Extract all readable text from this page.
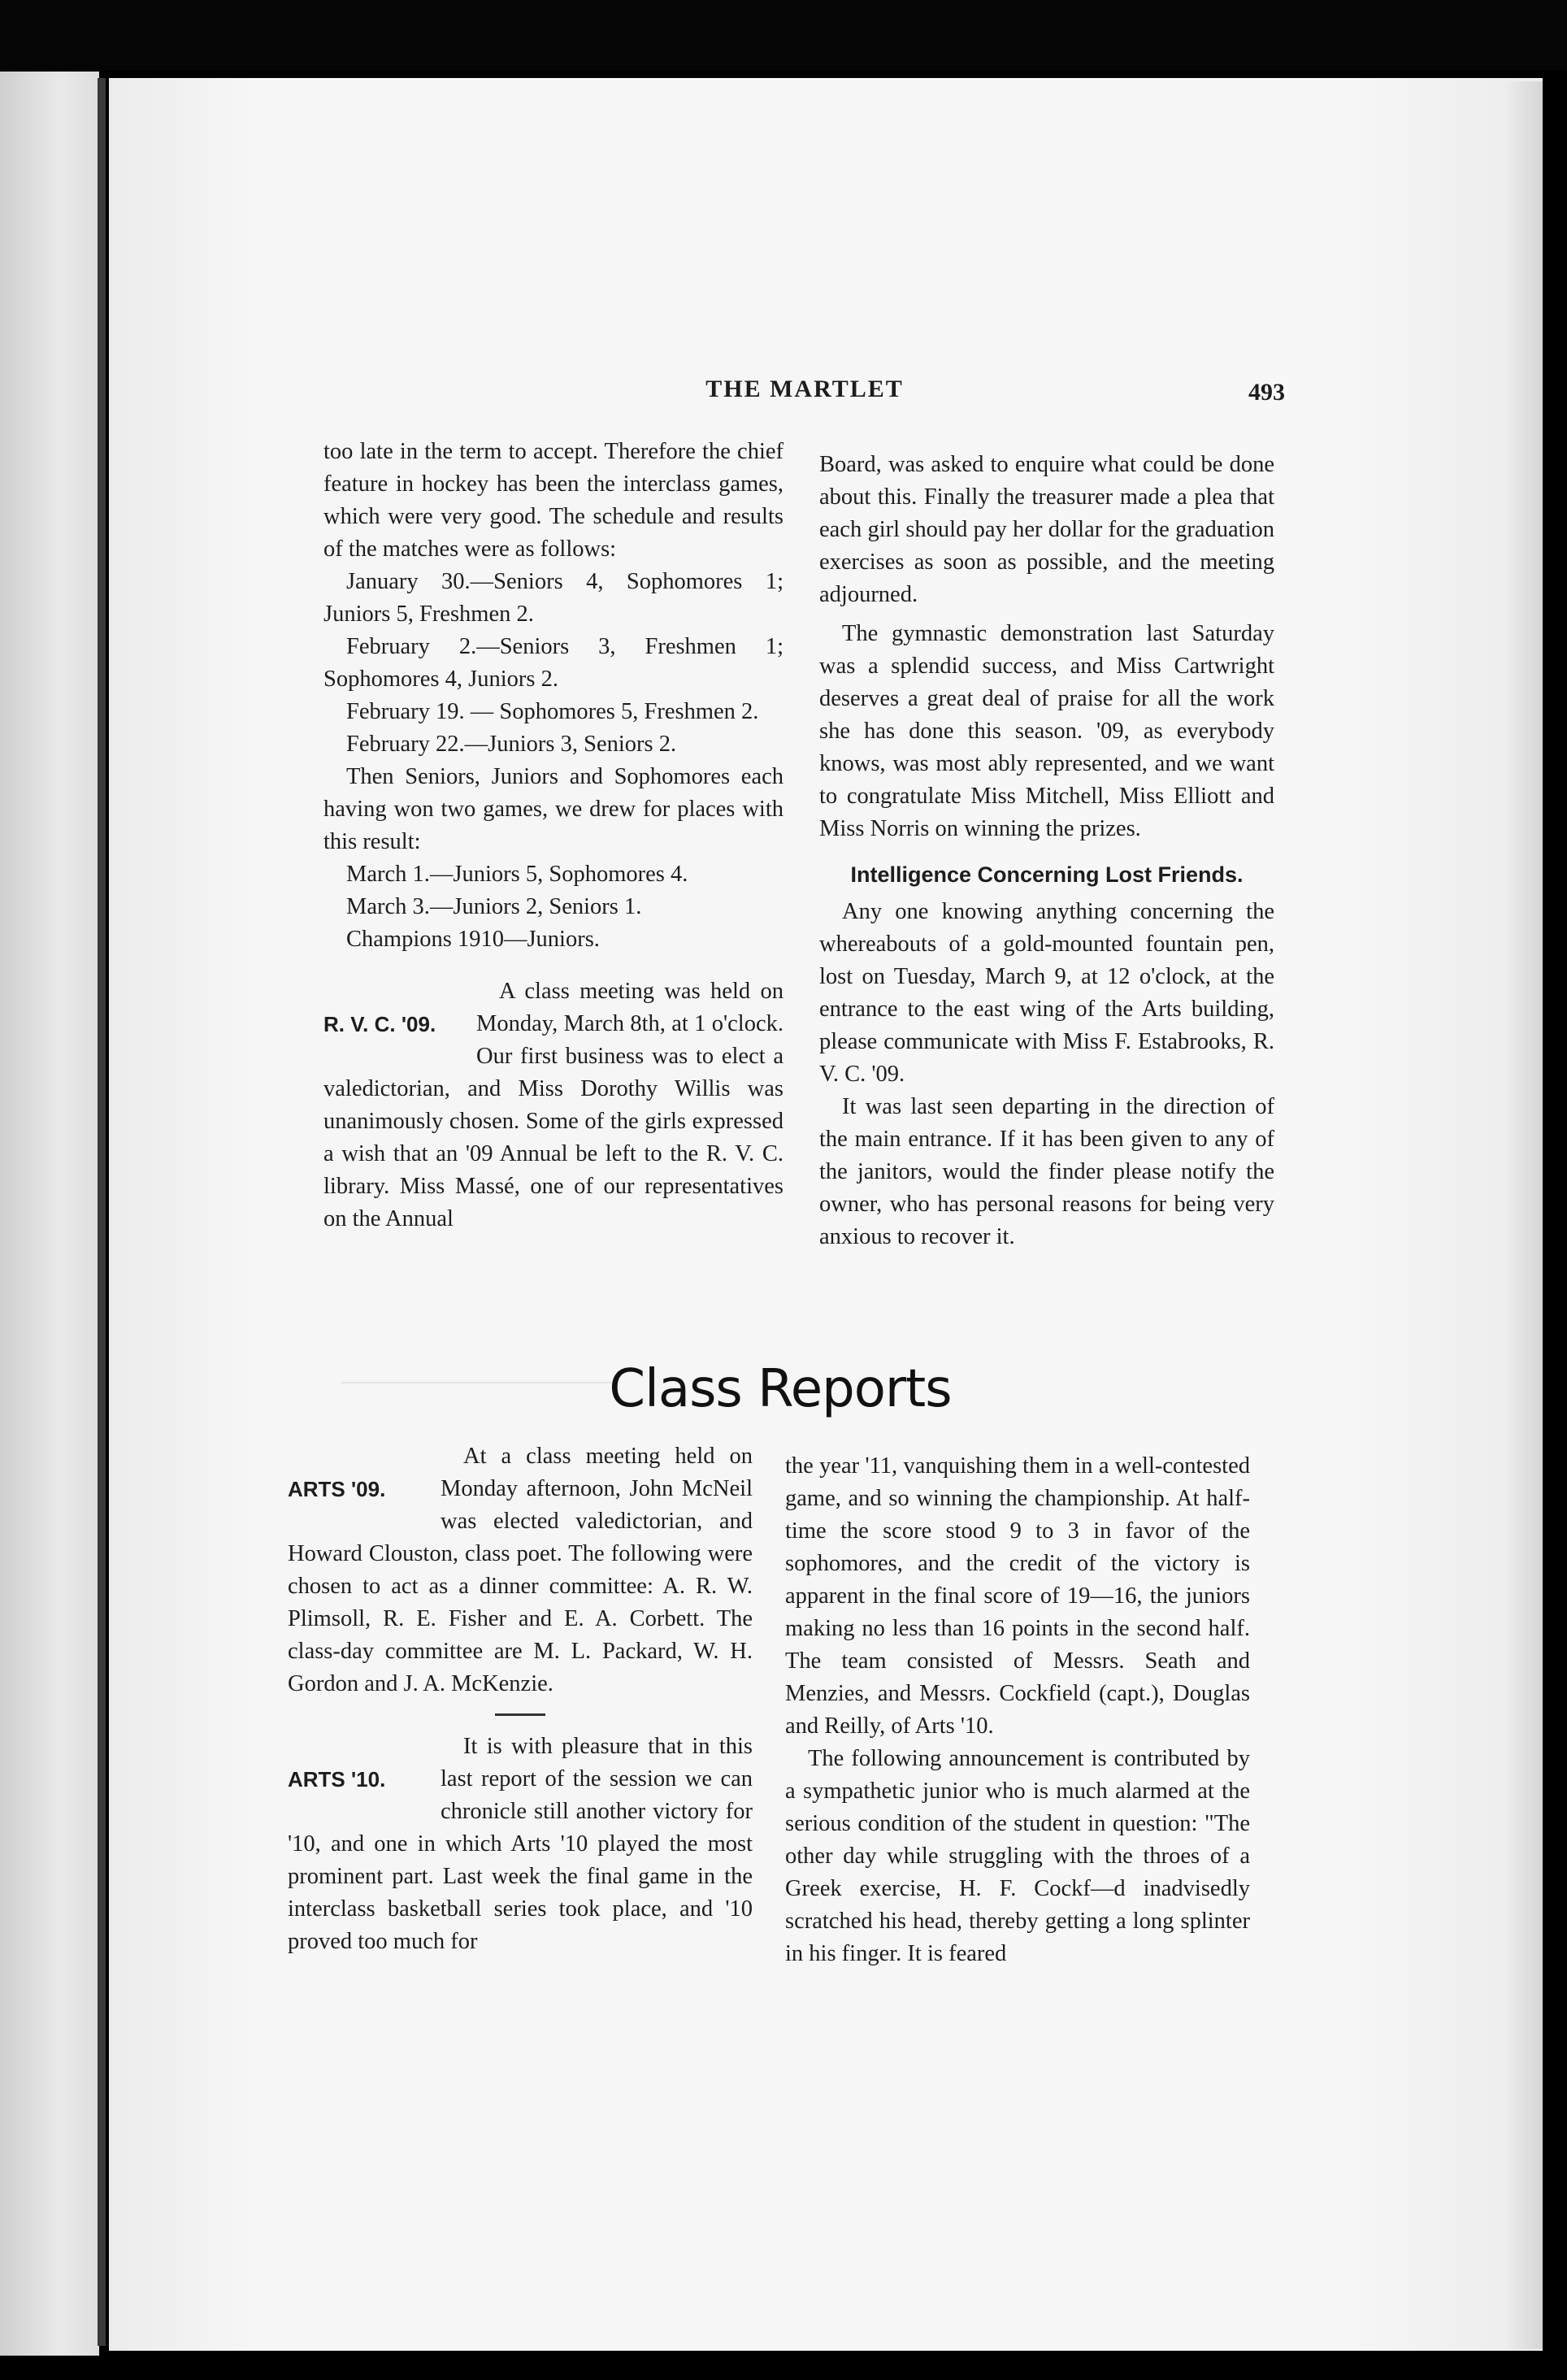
THE MARTLET	493

too late in the term to accept. Therefore the chief feature in hockey has been the interclass games, which were very good. The schedule and results of the matches were as follows:

January 30.—Seniors 4, Sophomores 1; Juniors 5, Freshmen 2.

February 2.—Seniors 3, Freshmen 1; Sophomores 4, Juniors 2.

February 19. — Sophomores 5, Freshmen 2.

February 22.—Juniors 3, Seniors 2.

Then Seniors, Juniors and Sophomores each having won two games, we drew for places with this result:

March 1.—Juniors 5, Sophomores 4.

March 3.—Juniors 2, Seniors 1.

Champions 1910—Juniors.

R. V. C. '09.
A class meeting was held on Monday, March 8th, at 1 o'clock. Our first business was to elect a valedictorian, and Miss Dorothy Willis was unanimously chosen. Some of the girls expressed a wish that an '09 Annual be left to the R. V. C. library. Miss Massé, one of our representatives on the Annual

Board, was asked to enquire what could be done about this. Finally the treasurer made a plea that each girl should pay her dollar for the graduation exercises as soon as possible, and the meeting adjourned.

The gymnastic demonstration last Saturday was a splendid success, and Miss Cartwright deserves a great deal of praise for all the work she has done this season. '09, as everybody knows, was most ably represented, and we want to congratulate Miss Mitchell, Miss Elliott and Miss Norris on winning the prizes.

Intelligence Concerning Lost Friends.

Any one knowing anything concerning the whereabouts of a gold-mounted fountain pen, lost on Tuesday, March 9, at 12 o'clock, at the entrance to the east wing of the Arts building, please communicate with Miss F. Estabrooks, R. V. C. '09.

It was last seen departing in the direction of the main entrance. If it has been given to any of the janitors, would the finder please notify the owner, who has personal reasons for being very anxious to recover it.

Class Reports

ARTS '09.
At a class meeting held on Monday afternoon, John McNeil was elected valedictorian, and Howard Clouston, class poet. The following were chosen to act as a dinner committee: A. R. W. Plimsoll, R. E. Fisher and E. A. Corbett. The class-day committee are M. L. Packard, W. H. Gordon and J. A. McKenzie.

ARTS '10.
It is with pleasure that in this last report of the session we can chronicle still another victory for '10, and one in which Arts '10 played the most prominent part. Last week the final game in the interclass basketball series took place, and '10 proved too much for

the year '11, vanquishing them in a well-contested game, and so winning the championship. At half-time the score stood 9 to 3 in favor of the sophomores, and the credit of the victory is apparent in the final score of 19—16, the juniors making no less than 16 points in the second half. The team consisted of Messrs. Seath and Menzies, and Messrs. Cockfield (capt.), Douglas and Reilly, of Arts '10.

The following announcement is contributed by a sympathetic junior who is much alarmed at the serious condition of the student in question: "The other day while struggling with the throes of a Greek exercise, H. F. Cockf—d inadvisedly scratched his head, thereby getting a long splinter in his finger. It is feared
